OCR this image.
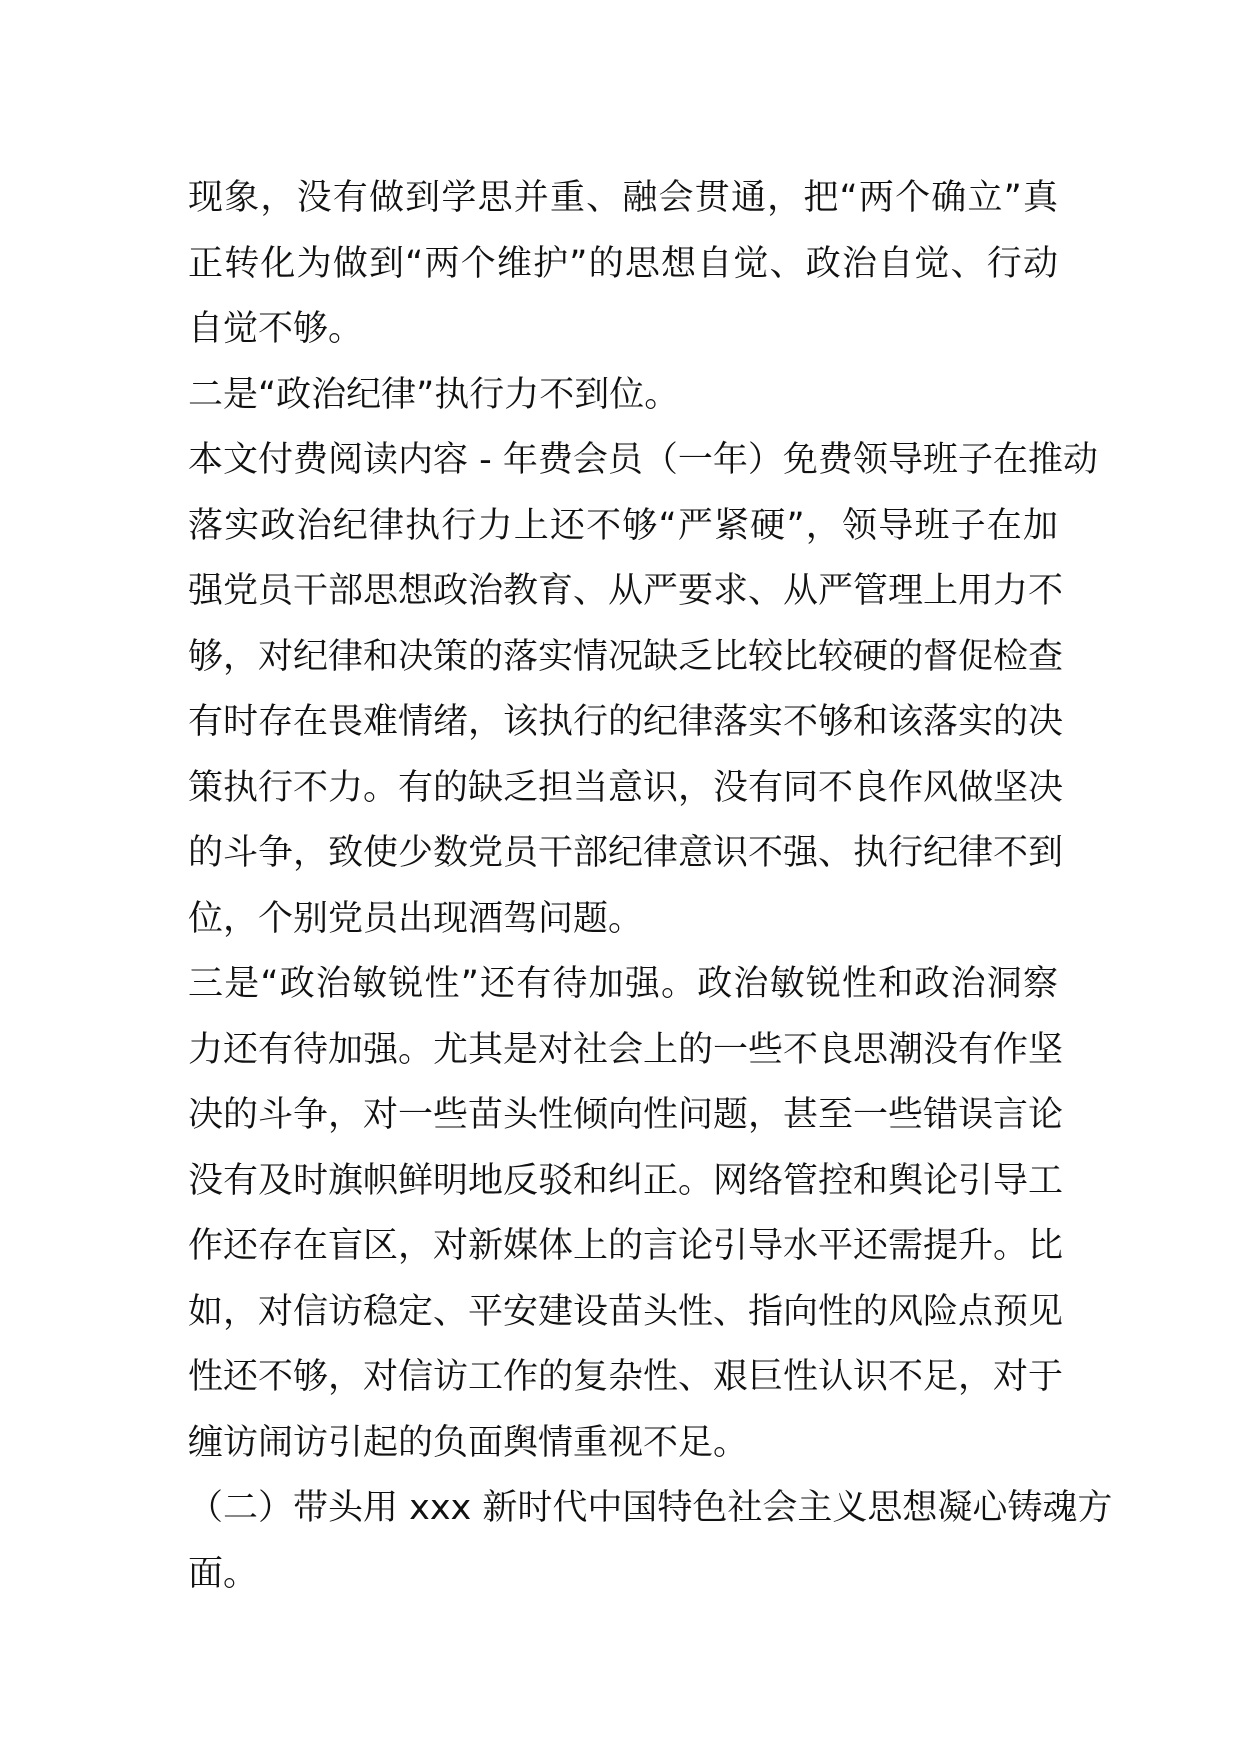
现象，没有做到学思并重、融会贯通，把“两个确立”真
正转化为做到“两个维护”的思想自觉、政治自觉、行动
自觉不够。
二是“政治纪律”执行力不到位。
本文付费阅读内容 - 年费会员（一年）免费领导班子在推动
落实政治纪律执行力上还不够“严紧硬”，领导班子在加
强党员干部思想政治教育、从严要求、从严管理上用力不
够，对纪律和决策的落实情况缺乏比较比较硬的督促检查
有时存在畏难情绪，该执行的纪律落实不够和该落实的决
策执行不力。有的缺乏担当意识，没有同不良作风做坚决
的斗争，致使少数党员干部纪律意识不强、执行纪律不到
位，个别党员出现酒驾问题。
三是“政治敏锐性”还有待加强。政治敏锐性和政治洞察
力还有待加强。尤其是对社会上的一些不良思潮没有作坚
决的斗争，对一些苗头性倾向性问题，甚至一些错误言论
没有及时旗帜鲜明地反驳和纠正。网络管控和舆论引导工
作还存在盲区，对新媒体上的言论引导水平还需提升。比
如，对信访稳定、平安建设苗头性、指向性的风险点预见
性还不够，对信访工作的复杂性、艰巨性认识不足，对于
缠访闹访引起的负面舆情重视不足。
（二）带头用 xxx 新时代中国特色社会主义思想凝心铸魂方
面。
